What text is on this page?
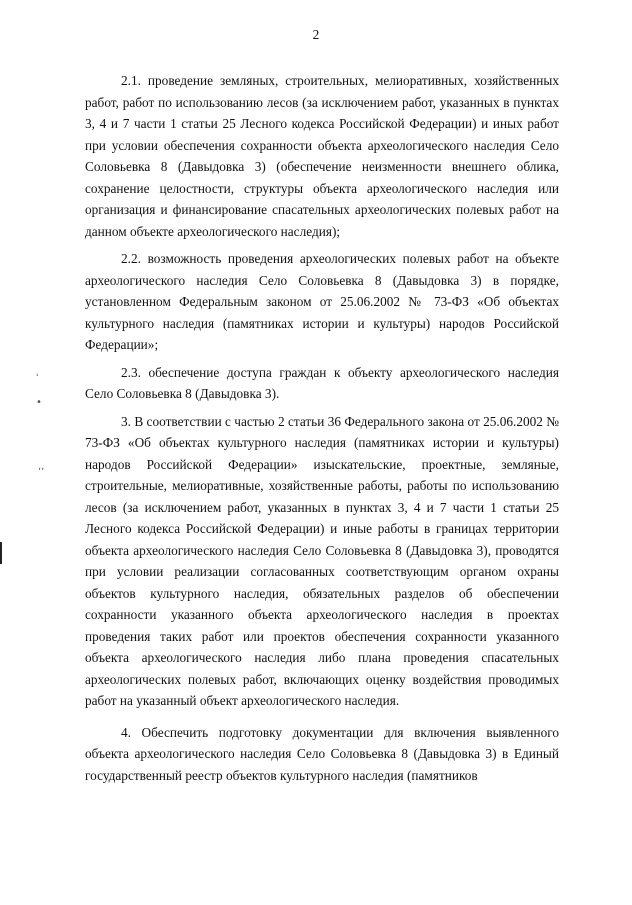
2
ʾ
•
ʼʼ

2.1. проведение земляных, строительных, мелиоративных, хозяйственных работ, работ по использованию лесов (за исключением работ, указанных в пунктах 3, 4 и 7 части 1 статьи 25 Лесного кодекса Российской Федерации) и иных работ при условии обеспечения сохранности объекта археологического наследия Село Соловьевка 8 (Давыдовка 3) (обеспечение неизменности внешнего облика, сохранение целостности, структуры объекта археологического наследия или организация и финансирование спасательных археологических полевых работ на данном объекте археологического наследия);

2.2. возможность проведения археологических полевых работ на объекте археологического наследия Село Соловьевка 8 (Давыдовка 3) в порядке, установленном Федеральным законом от 25.06.2002 № 73-ФЗ «Об объектах культурного наследия (памятниках истории и культуры) народов Российской Федерации»;

2.3. обеспечение доступа граждан к объекту археологического наследия Село Соловьевка 8 (Давыдовка 3).

3. В соответствии с частью 2 статьи 36 Федерального закона от 25.06.2002 № 73-ФЗ «Об объектах культурного наследия (памятниках истории и культуры) народов Российской Федерации» изыскательские, проектные, земляные, строительные, мелиоративные, хозяйственные работы, работы по использованию лесов (за исключением работ, указанных в пунктах 3, 4 и 7 части 1 статьи 25 Лесного кодекса Российской Федерации) и иные работы в границах территории объекта археологического наследия Село Соловьевка 8 (Давыдовка 3), проводятся при условии реализации согласованных соответствующим органом охраны объектов культурного наследия, обязательных разделов об обеспечении сохранности указанного объекта археологического наследия в проектах проведения таких работ или проектов обеспечения сохранности указанного объекта археологического наследия либо плана проведения спасательных археологических полевых работ, включающих оценку воздействия проводимых работ на указанный объект археологического наследия.

4. Обеспечить подготовку документации для включения выявленного объекта археологического наследия Село Соловьевка 8 (Давыдовка 3) в Единый государственный реестр объектов культурного наследия (памятников
